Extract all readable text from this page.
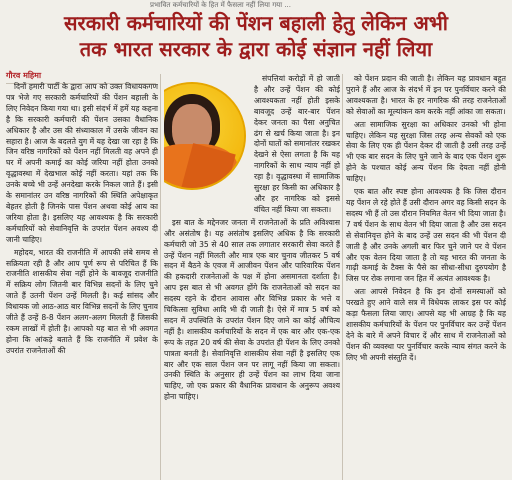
प्रभावित कर्मचारियों के हित में फैसला नहीं लिया गया ...
सरकारी कर्मचारियों की पेंशन बहाली हेतु लेकिन अभी
तक भारत सरकार के द्वारा कोई संज्ञान नहीं लिया
गौरव महिमा

दिनों हमारी पार्टी के द्वारा आप को उक्त विधायकगण पत्र भेजे गए सरकारी कर्मचारियों की पेंशन बहाली के लिए निवेदन किया गया था। इसी संदर्भ में हमें यह कहना है कि सरकारी कर्मचारी की पेंशन उसका वैधानिक अधिकार है और उस की संध्याकाल में उसके जीवन का सहारा है। आज के बदलते युग में यह देखा जा रहा है कि जिन वरिष्ठ नागरिकों को पेंशन नहीं मिलती वह अपने ही घर में अपनी कमाई का कोई जरिया नहीं होता उनको वृद्धावस्था में देखभाल कोई नहीं करता। यहां तक कि उनके बच्चे भी उन्हें अनदेखा करके निकल जाते हैं। इसी के समानांतर उन वरिष्ठ नागरिकों की स्थिति अपेक्षाकृत बेहतर होती है जिनके पास पेंशन अथवा कोई आय का जरिया होता है। इसलिए यह आवश्यक है कि सरकारी कर्मचारियों को सेवानिवृत्ति के उपरांत पेंशन अवश्य दी जानी चाहिए।

महोदय, भारत की राजनीति में आपकी लंबे समय से सक्रियता रही है और आप पूर्ण रूप से परिचित हैं कि राजनीति शासकीय सेवा नहीं होने के बावजूद राजनीति में सक्रिय लोग जितनी बार विभिन्न सदनों के लिए चुने जाते हैं उतनी पेंशन उन्हें मिलती है। कई सांसद और विधायक जो आठ-आठ बार विभिन्न सदनों के लिए चुनाव जीते हैं उन्हें 8-8 पेंशन अलग-अलग मिलती हैं जिसकी रकम लाखों में होती है। आपको यह बात से भी अवगत होना कि आंकड़े बताते हैं कि राजनीति में प्रवेश के उपरांत राजनेताओं की

संपत्तियां करोड़ों में हो जाती है और उन्हें पेंशन की कोई आवश्यकता नहीं होती इसके बावजूद उन्हें बार-बार पेंशन देकर जनता का पैसा अनुचित ढंग से खर्च किया जाता है। इन दोनों घातों को समानांतर रखकर देखने से ऐसा लगता है कि यह नागरिकों के साथ न्याय नहीं हो रहा है। वृद्धावस्था में सामाजिक सुरक्षा हर किसी का अधिकार है और हर नागरिक को इससे वंचित नहीं किया जा सकता।

इस बात के मद्देनजर जनता में राजनेताओं के प्रति अविश्वास और असंतोष है। यह असंतोष इसलिए अधिक है कि सरकारी कर्मचारी जो 35 से 40 साल तक लगातार सरकारी सेवा करते हैं उन्हें पेंशन नहीं मिलती और मात्र एक बार चुनाव जीतकर 5 वर्ष सदन में बैठने के एवज में आजीवन पेंशन और पारिवारिक पेंशन की हकदारी राजनेताओं के पक्ष में होना असमानता दर्शाता है। आप इस बात से भी अवगत होंगे कि राजनेताओं को सदन का सदस्य रहने के दौरान आवास और विभिन्न प्रकार के भत्ते व चिकित्सा सुविधा आदि भी दी जाती है। ऐसे में मात्र 5 वर्ष को सदन में उपस्थिति के उपरांत पेंशन दिए जाने का कोई औचित्य नहीं है। शासकीय कर्मचारियों के सदन में एक बार और एक-एक रूप के तहत 20 वर्ष की सेवा के उपरांत ही पेंशन के लिए उनको पात्रता बनती है। सेवानिवृत्ति शासकीय सेवा नहीं है इसलिए एक बार और एक साल पेंशन जन पर लागू नहीं किया जा सकता। उनकी स्थिति के अनुसार ही उन्हें पेंशन का लाभ दिया जाना चाहिए, जो एक प्रकार की वैधानिक प्रावधान के अनुरूप अवश्य होना चाहिए।

को पेंशन प्रदान की जाती है। लेकिन यह प्रावधान बहुत पुराने हैं और आज के संदर्भ में इन पर पुनर्विचार करने की आवश्यकता है। भारत के हर नागरिक की तरह राजनेताओं को सेवाओं का मूल्यांकन कम करके नहीं आंका जा सकता।

अतः सामाजिक सुरक्षा का अधिकार उनको भी होना चाहिए। लेकिन यह सुरक्षा जिस तरह अन्य सेवकों को एक सेवा के लिए एक ही पेंशन देकर दी जाती है उसी तरह उन्हें भी एक बार सदन के लिए चुने जाने के बाद एक पेंशन शुरू होने के पश्चात कोई अन्य पेंशन कि देयता नहीं होनी चाहिए।

एक बात और स्पष्ट होना आवश्यक है कि जिस दौरान यह पेंशन ले रहे होते हैं उसी दौरान अगर वह किसी सदन के सदस्य भी हैं तो उस दौरान नियमित वेतन भी दिया जाता है। 7 वर्ष पेंशन के साथ वेतन भी दिया जाता है और उस सदन से सेवानिवृत्त होने के बाद उन्हें उस सदन की भी पेंशन दी जाती है और उनके अगली बार फिर चुने जाने पर वे पेंशन और एक वेतन दिया जाता है तो यह भारत की जनता के गाढ़ी कमाई के टैक्स के पैसे का सीधा-सीधा दुरुपयोग है जिस पर रोक लगाना जन हित में अत्यंत आवश्यक है।

अतः आपसे निवेदन है कि इन दोनों समस्याओं को परखते हुए आने वाले सत्र में विधेयक लाकर इस पर कोई कड़ा फैसला लिया जाए। आपसे यह भी आग्रह है कि यह शासकीय कर्मचारियों के पेंशन पर पुनर्विचार कर उन्हें पेंशन देने के बारे में अपने विचार दें और साथ में राजनेताओं को पेंशन की व्यवस्था पर पुनर्विचार करके न्याय संगत करने के लिए भी अपनी संस्तुति दें।
